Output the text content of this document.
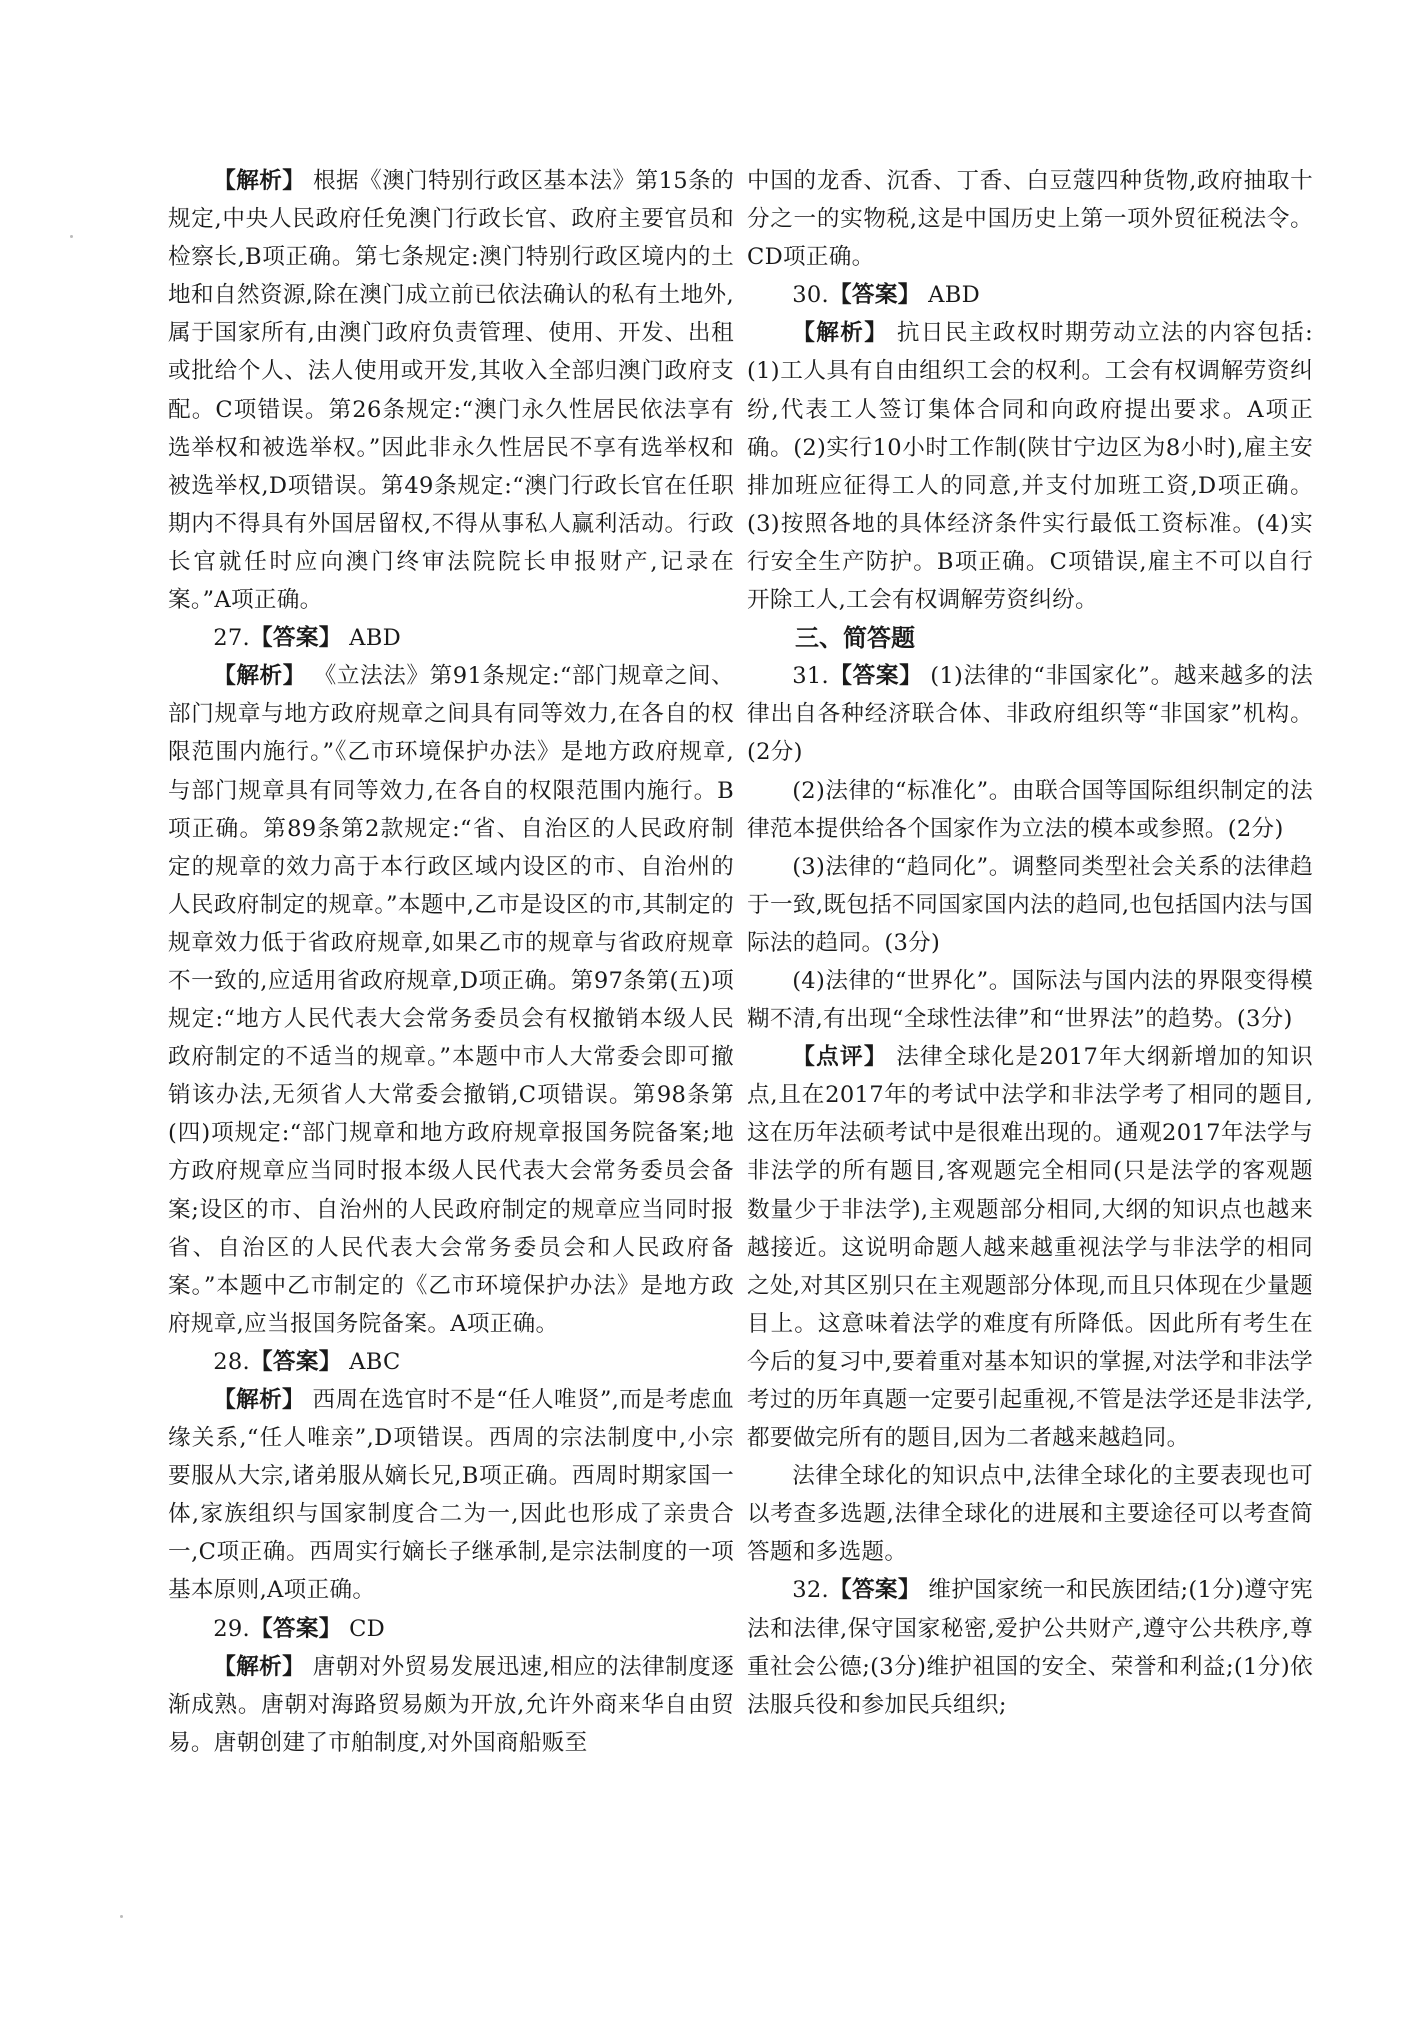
【解析】 根据《澳门特别行政区基本法》第15条的规定,中央人民政府任免澳门行政长官、政府主要官员和检察长,B项正确。第七条规定:澳门特别行政区境内的土地和自然资源,除在澳门成立前已依法确认的私有土地外,属于国家所有,由澳门政府负责管理、使用、开发、出租或批给个人、法人使用或开发,其收入全部归澳门政府支配。C项错误。第26条规定:“澳门永久性居民依法享有选举权和被选举权。”因此非永久性居民不享有选举权和被选举权,D项错误。第49条规定:“澳门行政长官在任职期内不得具有外国居留权,不得从事私人赢利活动。行政长官就任时应向澳门终审法院院长申报财产,记录在案。”A项正确。

27.【答案】 ABD

【解析】 《立法法》第91条规定:“部门规章之间、部门规章与地方政府规章之间具有同等效力,在各自的权限范围内施行。”《乙市环境保护办法》是地方政府规章,与部门规章具有同等效力,在各自的权限范围内施行。B项正确。第89条第2款规定:“省、自治区的人民政府制定的规章的效力高于本行政区域内设区的市、自治州的人民政府制定的规章。”本题中,乙市是设区的市,其制定的规章效力低于省政府规章,如果乙市的规章与省政府规章不一致的,应适用省政府规章,D项正确。第97条第(五)项规定:“地方人民代表大会常务委员会有权撤销本级人民政府制定的不适当的规章。”本题中市人大常委会即可撤销该办法,无须省人大常委会撤销,C项错误。第98条第(四)项规定:“部门规章和地方政府规章报国务院备案;地方政府规章应当同时报本级人民代表大会常务委员会备案;设区的市、自治州的人民政府制定的规章应当同时报省、自治区的人民代表大会常务委员会和人民政府备案。”本题中乙市制定的《乙市环境保护办法》是地方政府规章,应当报国务院备案。A项正确。

28.【答案】 ABC

【解析】 西周在选官时不是“任人唯贤”,而是考虑血缘关系,“任人唯亲”,D项错误。西周的宗法制度中,小宗要服从大宗,诸弟服从嫡长兄,B项正确。西周时期家国一体,家族组织与国家制度合二为一,因此也形成了亲贵合一,C项正确。西周实行嫡长子继承制,是宗法制度的一项基本原则,A项正确。

29.【答案】 CD

【解析】 唐朝对外贸易发展迅速,相应的法律制度逐渐成熟。唐朝对海路贸易颇为开放,允许外商来华自由贸易。唐朝创建了市舶制度,对外国商船贩至

中国的龙香、沉香、丁香、白豆蔻四种货物,政府抽取十分之一的实物税,这是中国历史上第一项外贸征税法令。CD项正确。

30.【答案】 ABD

【解析】 抗日民主政权时期劳动立法的内容包括:(1)工人具有自由组织工会的权利。工会有权调解劳资纠纷,代表工人签订集体合同和向政府提出要求。A项正确。(2)实行10小时工作制(陕甘宁边区为8小时),雇主安排加班应征得工人的同意,并支付加班工资,D项正确。(3)按照各地的具体经济条件实行最低工资标准。(4)实行安全生产防护。B项正确。C项错误,雇主不可以自行开除工人,工会有权调解劳资纠纷。

三、简答题

31.【答案】 (1)法律的“非国家化”。越来越多的法律出自各种经济联合体、非政府组织等“非国家”机构。(2分)

(2)法律的“标准化”。由联合国等国际组织制定的法律范本提供给各个国家作为立法的模本或参照。(2分)

(3)法律的“趋同化”。调整同类型社会关系的法律趋于一致,既包括不同国家国内法的趋同,也包括国内法与国际法的趋同。(3分)

(4)法律的“世界化”。国际法与国内法的界限变得模糊不清,有出现“全球性法律”和“世界法”的趋势。(3分)

【点评】 法律全球化是2017年大纲新增加的知识点,且在2017年的考试中法学和非法学考了相同的题目,这在历年法硕考试中是很难出现的。通观2017年法学与非法学的所有题目,客观题完全相同(只是法学的客观题数量少于非法学),主观题部分相同,大纲的知识点也越来越接近。这说明命题人越来越重视法学与非法学的相同之处,对其区别只在主观题部分体现,而且只体现在少量题目上。这意味着法学的难度有所降低。因此所有考生在今后的复习中,要着重对基本知识的掌握,对法学和非法学考过的历年真题一定要引起重视,不管是法学还是非法学,都要做完所有的题目,因为二者越来越趋同。

法律全球化的知识点中,法律全球化的主要表现也可以考查多选题,法律全球化的进展和主要途径可以考查简答题和多选题。

32.【答案】 维护国家统一和民族团结;(1分)遵守宪法和法律,保守国家秘密,爱护公共财产,遵守公共秩序,尊重社会公德;(3分)维护祖国的安全、荣誉和利益;(1分)依法服兵役和参加民兵组织;
